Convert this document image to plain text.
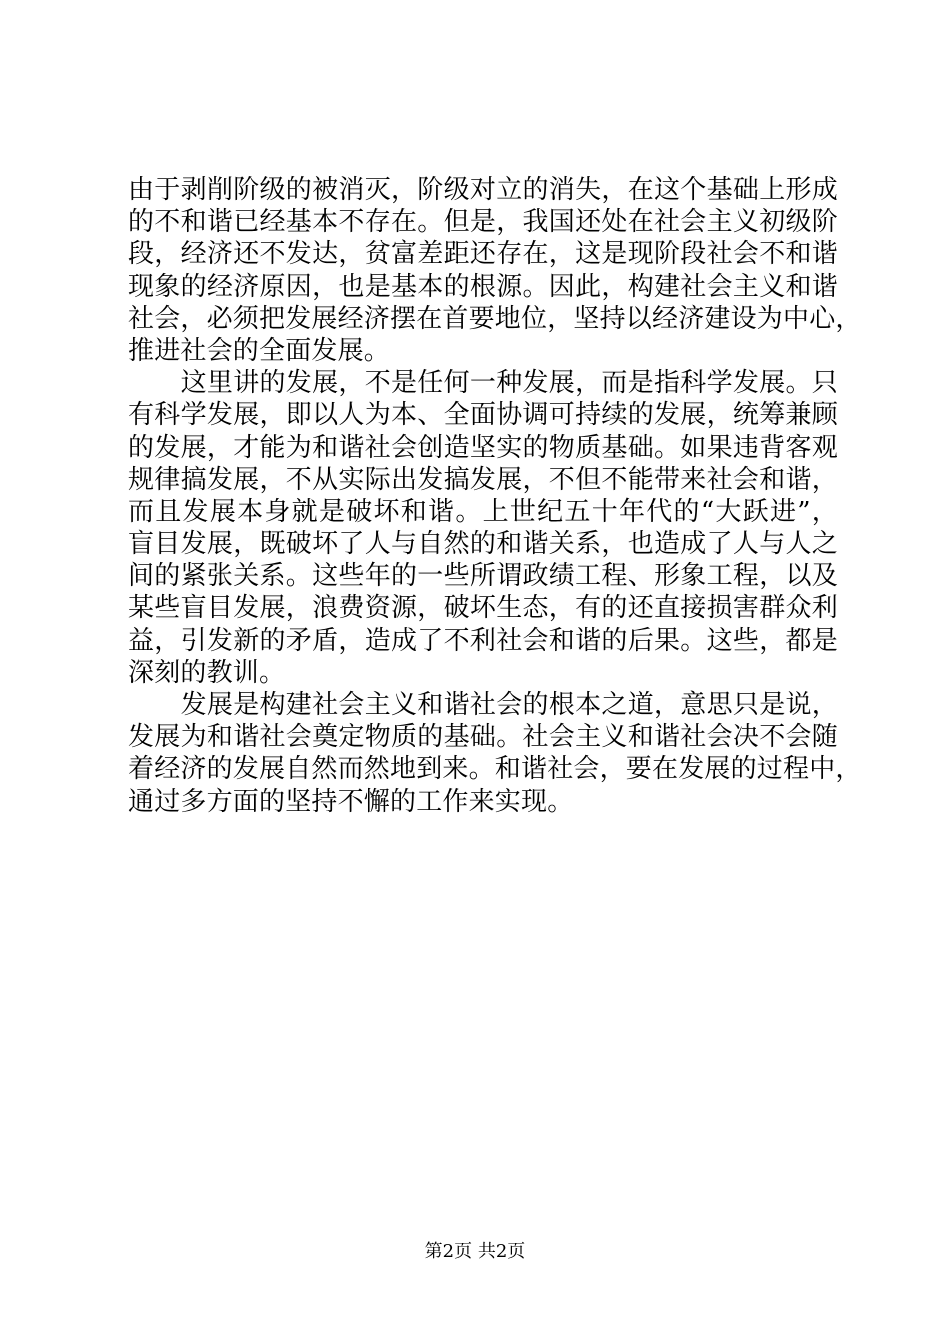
由于剥削阶级的被消灭，阶级对立的消失，在这个基础上形成
的不和谐已经基本不存在。但是，我国还处在社会主义初级阶
段，经济还不发达，贫富差距还存在，这是现阶段社会不和谐
现象的经济原因，也是基本的根源。因此，构建社会主义和谐
社会，必须把发展经济摆在首要地位，坚持以经济建设为中心，
推进社会的全面发展。
　　这里讲的发展，不是任何一种发展，而是指科学发展。只
有科学发展，即以人为本、全面协调可持续的发展，统筹兼顾
的发展，才能为和谐社会创造坚实的物质基础。如果违背客观
规律搞发展，不从实际出发搞发展，不但不能带来社会和谐，
而且发展本身就是破坏和谐。上世纪五十年代的“大跃进”，
盲目发展，既破坏了人与自然的和谐关系，也造成了人与人之
间的紧张关系。这些年的一些所谓政绩工程、形象工程，以及
某些盲目发展，浪费资源，破坏生态，有的还直接损害群众利
益，引发新的矛盾，造成了不利社会和谐的后果。这些，都是
深刻的教训。
　　发展是构建社会主义和谐社会的根本之道，意思只是说，
发展为和谐社会奠定物质的基础。社会主义和谐社会决不会随
着经济的发展自然而然地到来。和谐社会，要在发展的过程中，
通过多方面的坚持不懈的工作来实现。
第2页 共2页
